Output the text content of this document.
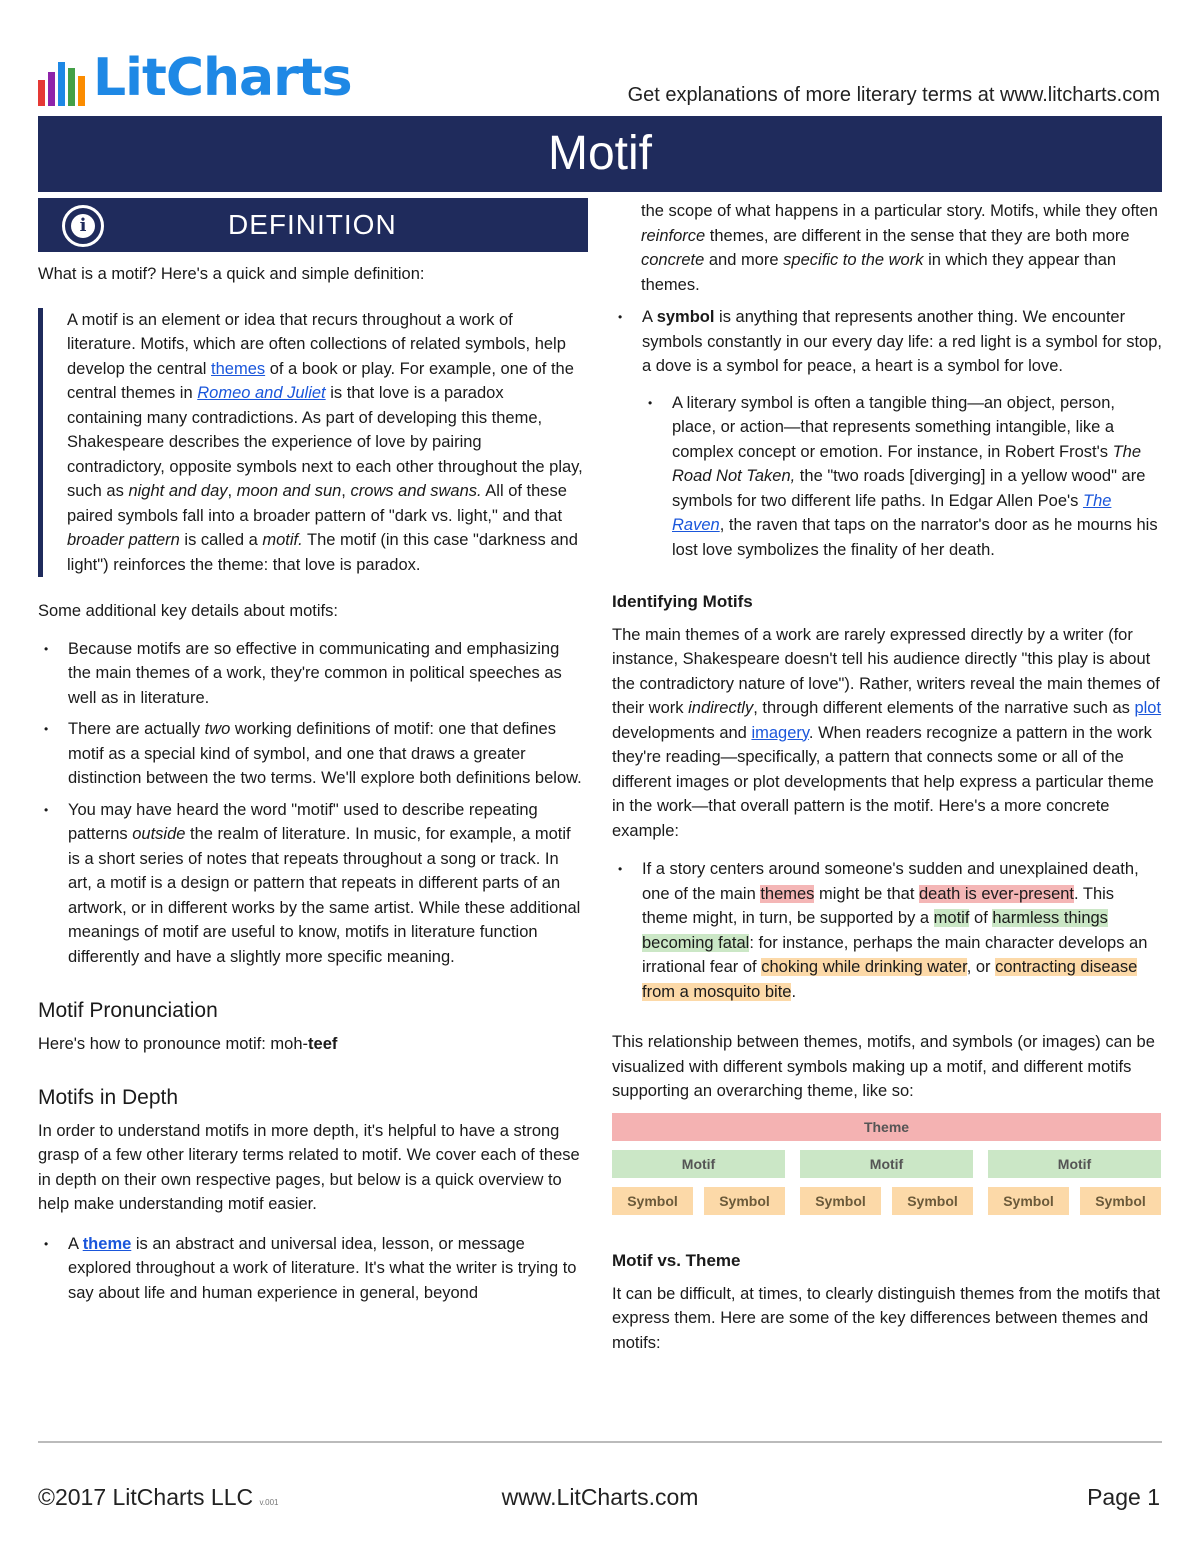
LitCharts	Get explanations of more literary terms at www.litcharts.com
Motif
i	DEFINITION

What is a motif? Here's a quick and simple definition:

A motif is an element or idea that recurs throughout a work of literature. Motifs, which are often collections of related symbols, help develop the central themes of a book or play. For example, one of the central themes in Romeo and Juliet is that love is a paradox containing many contradictions. As part of developing this theme, Shakespeare describes the experience of love by pairing contradictory, opposite symbols next to each other throughout the play, such as night and day, moon and sun, crows and swans. All of these paired symbols fall into a broader pattern of "dark vs. light," and that broader pattern is called a motif. The motif (in this case "darkness and light") reinforces the theme: that love is paradox.

Some additional key details about motifs:

• Because motifs are so effective in communicating and emphasizing the main themes of a work, they're common in political speeches as well as in literature.
• There are actually two working definitions of motif: one that defines motif as a special kind of symbol, and one that draws a greater distinction between the two terms. We'll explore both definitions below.
• You may have heard the word "motif" used to describe repeating patterns outside the realm of literature. In music, for example, a motif is a short series of notes that repeats throughout a song or track. In art, a motif is a design or pattern that repeats in different parts of an artwork, or in different works by the same artist. While these additional meanings of motif are useful to know, motifs in literature function differently and have a slightly more specific meaning.

Motif Pronunciation

Here's how to pronounce motif: moh-teef

Motifs in Depth

In order to understand motifs in more depth, it's helpful to have a strong grasp of a few other literary terms related to motif. We cover each of these in depth on their own respective pages, but below is a quick overview to help make understanding motif easier.

• A theme is an abstract and universal idea, lesson, or message explored throughout a work of literature. It's what the writer is trying to say about life and human experience in general, beyond

the scope of what happens in a particular story. Motifs, while they often reinforce themes, are different in the sense that they are both more concrete and more specific to the work in which they appear than themes.

• A symbol is anything that represents another thing. We encounter symbols constantly in our every day life: a red light is a symbol for stop, a dove is a symbol for peace, a heart is a symbol for love.
• A literary symbol is often a tangible thing—an object, person, place, or action—that represents something intangible, like a complex concept or emotion. For instance, in Robert Frost's The Road Not Taken, the "two roads [diverging] in a yellow wood" are symbols for two different life paths. In Edgar Allen Poe's The Raven, the raven that taps on the narrator's door as he mourns his lost love symbolizes the finality of her death.

Identifying Motifs

The main themes of a work are rarely expressed directly by a writer (for instance, Shakespeare doesn't tell his audience directly "this play is about the contradictory nature of love"). Rather, writers reveal the main themes of their work indirectly, through different elements of the narrative such as plot developments and imagery. When readers recognize a pattern in the work they're reading—specifically, a pattern that connects some or all of the different images or plot developments that help express a particular theme in the work—that overall pattern is the motif. Here's a more concrete example:

• If a story centers around someone's sudden and unexplained death, one of the main themes might be that death is ever-present. This theme might, in turn, be supported by a motif of harmless things becoming fatal: for instance, perhaps the main character develops an irrational fear of choking while drinking water, or contracting disease from a mosquito bite.

This relationship between themes, motifs, and symbols (or images) can be visualized with different symbols making up a motif, and different motifs supporting an overarching theme, like so:

Theme
Motif	Motif	Motif
Symbol	Symbol	Symbol	Symbol	Symbol	Symbol

Motif vs. Theme

It can be difficult, at times, to clearly distinguish themes from the motifs that express them. Here are some of the key differences between themes and motifs:

©2017 LitCharts LLC v.001	www.LitCharts.com	Page 1
